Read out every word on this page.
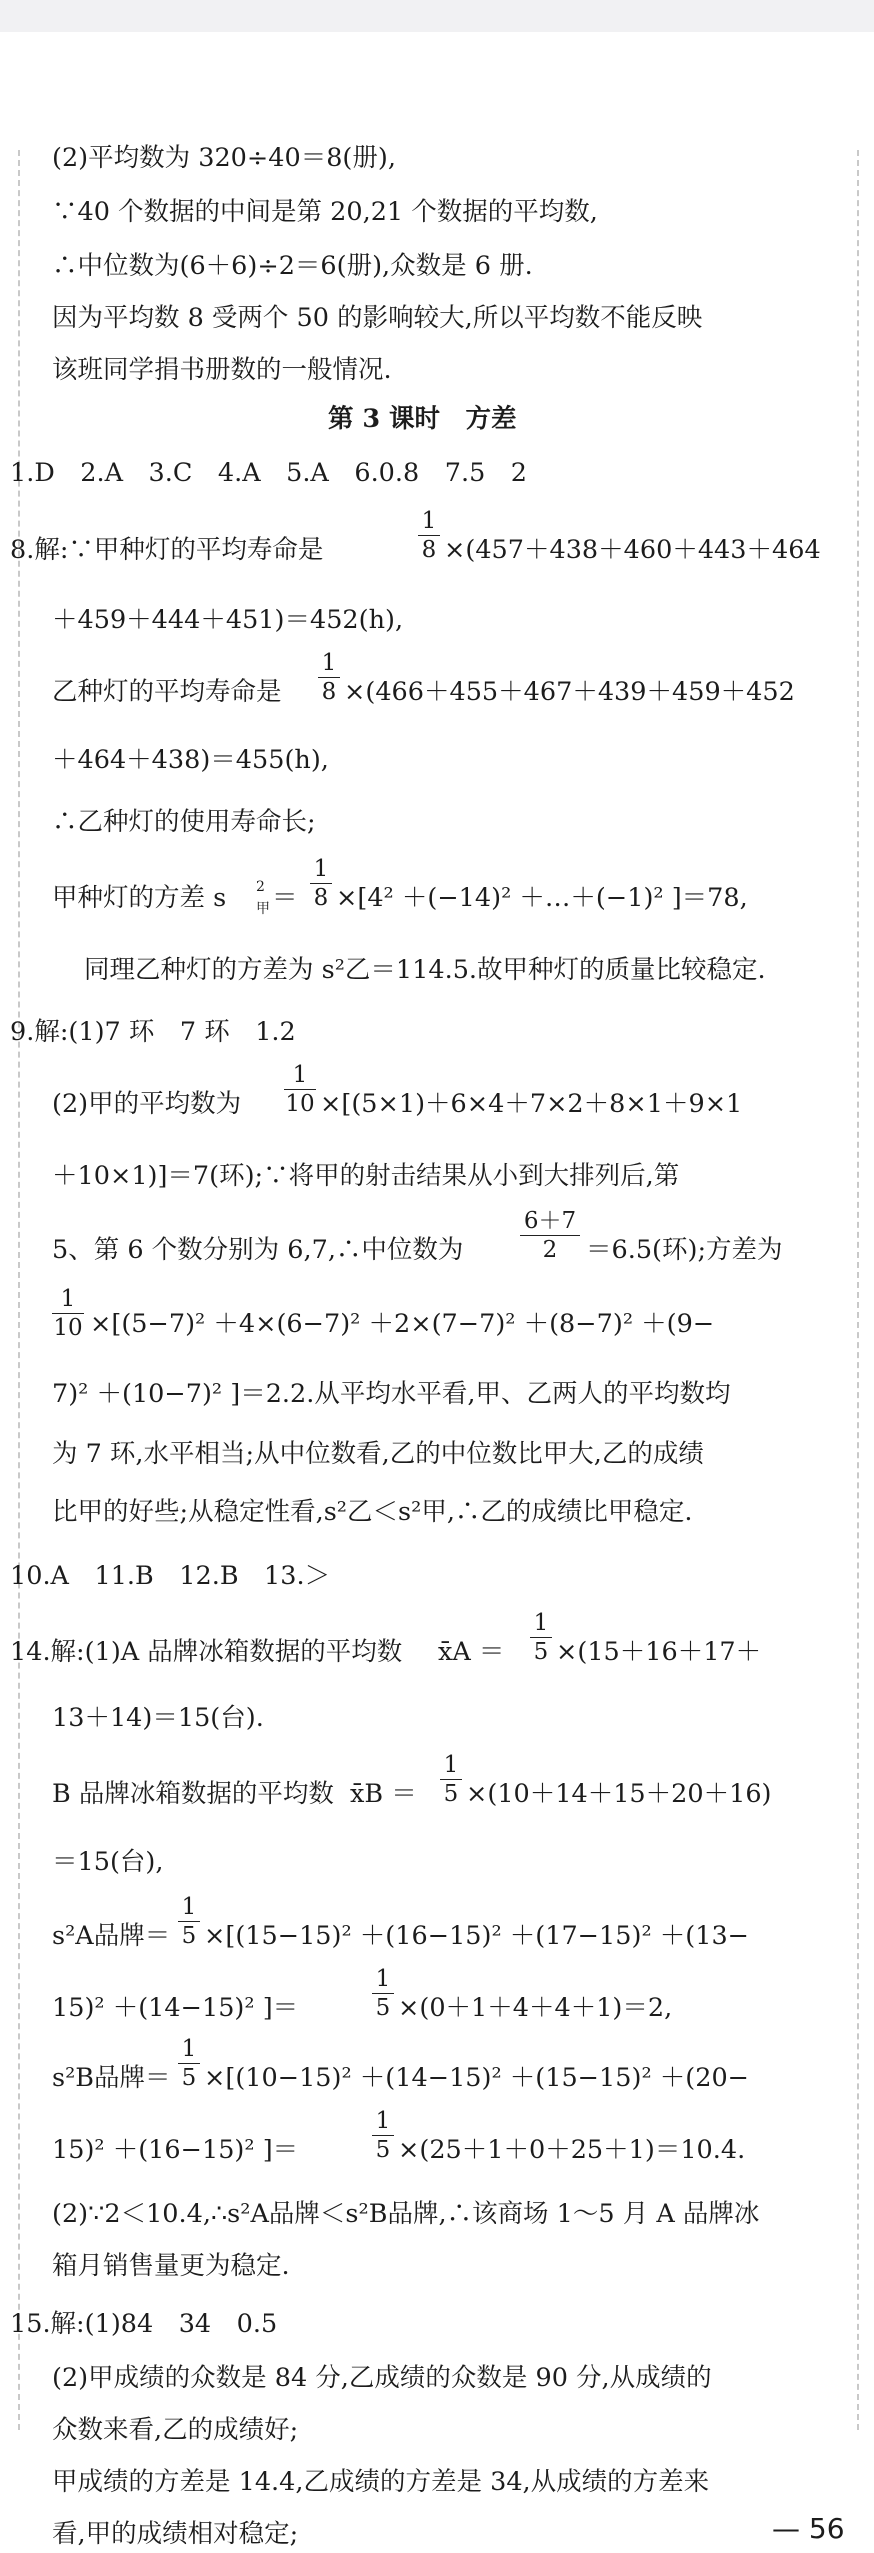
(2)平均数为 320÷40＝8(册),
∵40 个数据的中间是第 20,21 个数据的平均数,
∴中位数为(6＋6)÷2＝6(册),众数是 6 册.
因为平均数 8 受两个 50 的影响较大,所以平均数不能反映
该班同学捐书册数的一般情况.
第 3 课时　方差
1.D　2.A　3.C　4.A　5.A　6.0.8　7.5　2
8.解:∵甲种灯的平均寿命是
1
8 ×(457＋438＋460＋443＋464
＋459＋444＋451)＝452(h),
乙种灯的平均寿命是
1
8 ×(466＋455＋467＋439＋459＋452
＋464＋438)＝455(h),
∴乙种灯的使用寿命长;
甲种灯的方差 s 2
甲 ＝
1
8 ×[4² ＋(−14)² ＋…＋(−1)² ]＝78,
同理乙种灯的方差为 s²乙＝114.5.故甲种灯的质量比较稳定.
9.解:(1)7 环　7 环　1.2
(2)甲的平均数为
1
10 ×[(5×1)＋6×4＋7×2＋8×1＋9×1
＋10×1)]＝7(环);∵将甲的射击结果从小到大排列后,第
5、第 6 个数分别为 6,7,∴中位数为
6＋7
2	＝6.5(环);方差为
1
10 ×[(5−7)² ＋4×(6−7)² ＋2×(7−7)² ＋(8−7)² ＋(9−
7)² ＋(10−7)² ]＝2.2.从平均水平看,甲、乙两人的平均数均
为 7 环,水平相当;从中位数看,乙的中位数比甲大,乙的成绩
比甲的好些;从稳定性看,s²乙＜s²甲,∴乙的成绩比甲稳定.
10.A　11.B　12.B　13.＞
14.解:(1)A 品牌冰箱数据的平均数 x̄A ＝
1
5 ×(15＋16＋17＋
13＋14)＝15(台).
B 品牌冰箱数据的平均数 x̄B ＝
1
5 ×(10＋14＋15＋20＋16)
＝15(台),
s²A品牌＝
1
5 ×[(15−15)² ＋(16−15)² ＋(17−15)² ＋(13−
15)² ＋(14−15)² ]＝
1
5 ×(0＋1＋4＋4＋1)＝2,
s²B品牌＝
1
5 ×[(10−15)² ＋(14−15)² ＋(15−15)² ＋(20−
15)² ＋(16−15)² ]＝
1
5 ×(25＋1＋0＋25＋1)＝10.4.
(2)∵2＜10.4,∴s²A品牌＜s²B品牌,∴该商场 1～5 月 A 品牌冰
箱月销售量更为稳定.
15.解:(1)84　34　0.5
(2)甲成绩的众数是 84 分,乙成绩的众数是 90 分,从成绩的
众数来看,乙的成绩好;
甲成绩的方差是 14.4,乙成绩的方差是 34,从成绩的方差来
看,甲的成绩相对稳定;	— 56
